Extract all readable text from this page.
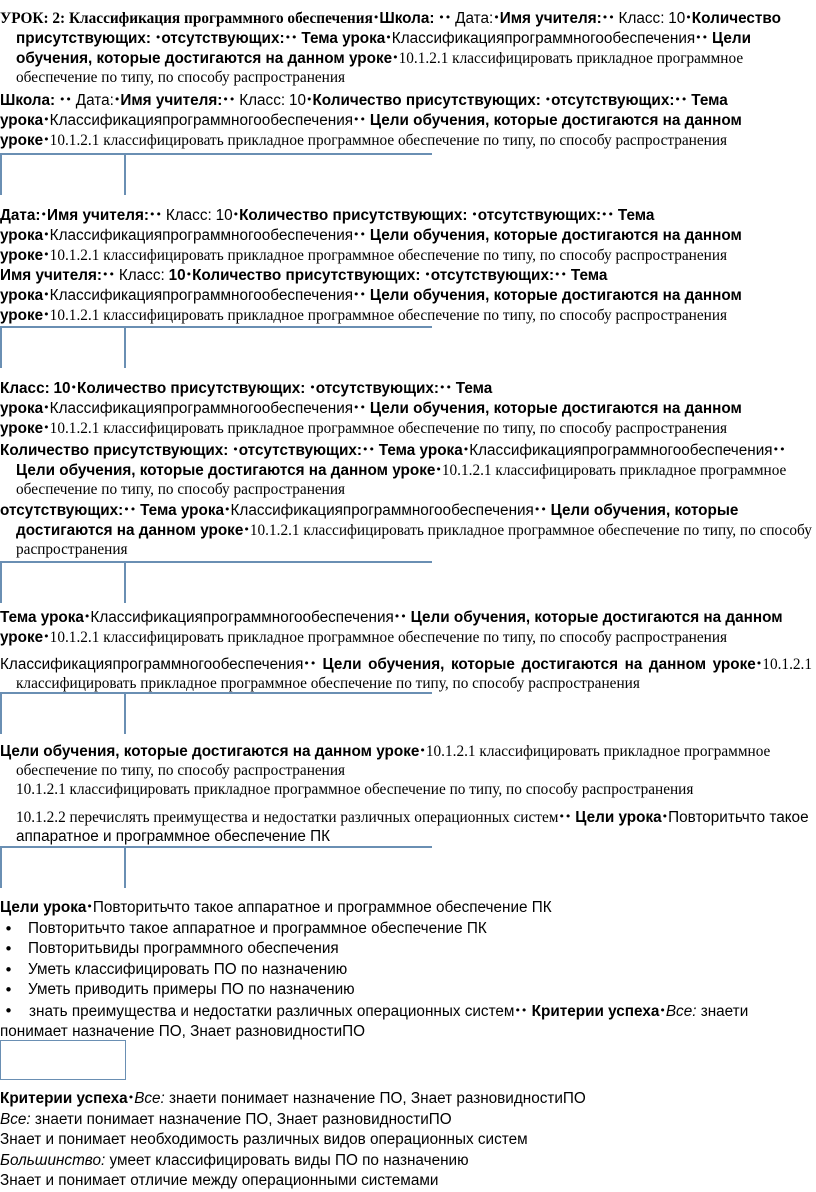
УРОК: 2: Классификация программного обеспечения•Школа: •• Дата:•Имя учителя:•• Класс: 10•Количество присутствующих: •отсутствующих:•• Тема урока•Классификацияпрограммногообеспечения•• Цели обучения, которые достигаются на данном уроке•10.1.2.1 классифицировать прикладное программное обеспечение по типу, по способу распространения

Школа: •• Дата:•Имя учителя:•• Класс: 10•Количество присутствующих: •отсутствующих:•• Тема урока•Классификацияпрограммногообеспечения•• Цели обучения, которые достигаются на данном уроке•10.1.2.1 классифицировать прикладное программное обеспечение по типу, по способу распространения

Дата:•Имя учителя:•• Класс: 10•Количество присутствующих: •отсутствующих:•• Тема урока•Классификацияпрограммногообеспечения•• Цели обучения, которые достигаются на данном уроке•10.1.2.1 классифицировать прикладное программное обеспечение по типу, по способу распространения

Имя учителя:•• Класс: 10•Количество присутствующих: •отсутствующих:•• Тема урока•Классификацияпрограммногообеспечения•• Цели обучения, которые достигаются на данном уроке•10.1.2.1 классифицировать прикладное программное обеспечение по типу, по способу распространения

Класс: 10•Количество присутствующих: •отсутствующих:•• Тема урока•Классификацияпрограммногообеспечения•• Цели обучения, которые достигаются на данном уроке•10.1.2.1 классифицировать прикладное программное обеспечение по типу, по способу распространения

Количество присутствующих: •отсутствующих:•• Тема урока•Классификацияпрограммногообеспечения•• Цели обучения, которые достигаются на данном уроке•10.1.2.1 классифицировать прикладное программное обеспечение по типу, по способу распространения

отсутствующих:•• Тема урока•Классификацияпрограммногообеспечения•• Цели обучения, которые достигаются на данном уроке•10.1.2.1 классифицировать прикладное программное обеспечение по типу, по способу распространения

Тема урока•Классификацияпрограммногообеспечения•• Цели обучения, которые достигаются на данном уроке•10.1.2.1 классифицировать прикладное программное обеспечение по типу, по способу распространения

Классификацияпрограммногообеспечения•• Цели обучения, которые достигаются на данном уроке•10.1.2.1 классифицировать прикладное программное обеспечение по типу, по способу распространения

Цели обучения, которые достигаются на данном уроке•10.1.2.1 классифицировать прикладное программное обеспечение по типу, по способу распространения

10.1.2.1 классифицировать прикладное программное обеспечение по типу, по способу распространения

10.1.2.2 перечислять преимущества и недостатки различных операционных систем•• Цели урока•Повторитьчто такое аппаратное и программное обеспечение ПК

Цели урока•Повторитьчто такое аппаратное и программное обеспечение ПК

• Повторитьчто такое аппаратное и программное обеспечение ПК
• Повторитьвиды программного обеспечения
• Уметь классифицировать ПО по назначению
• Уметь приводить примеры ПО по назначению
• знать преимущества и недостатки различных операционных систем•• Критерии успеха•Все: знаети понимает назначение ПО, Знает разновидностиПО

Критерии успеха•Все: знаети понимает назначение ПО, Знает разновидностиПО

Все: знаети понимает назначение ПО, Знает разновидностиПО

Знает и понимает необходимость различных видов операционных систем

Большинство: умеет классифицировать виды ПО по назначению

Знает и понимает отличие между операционными системами
